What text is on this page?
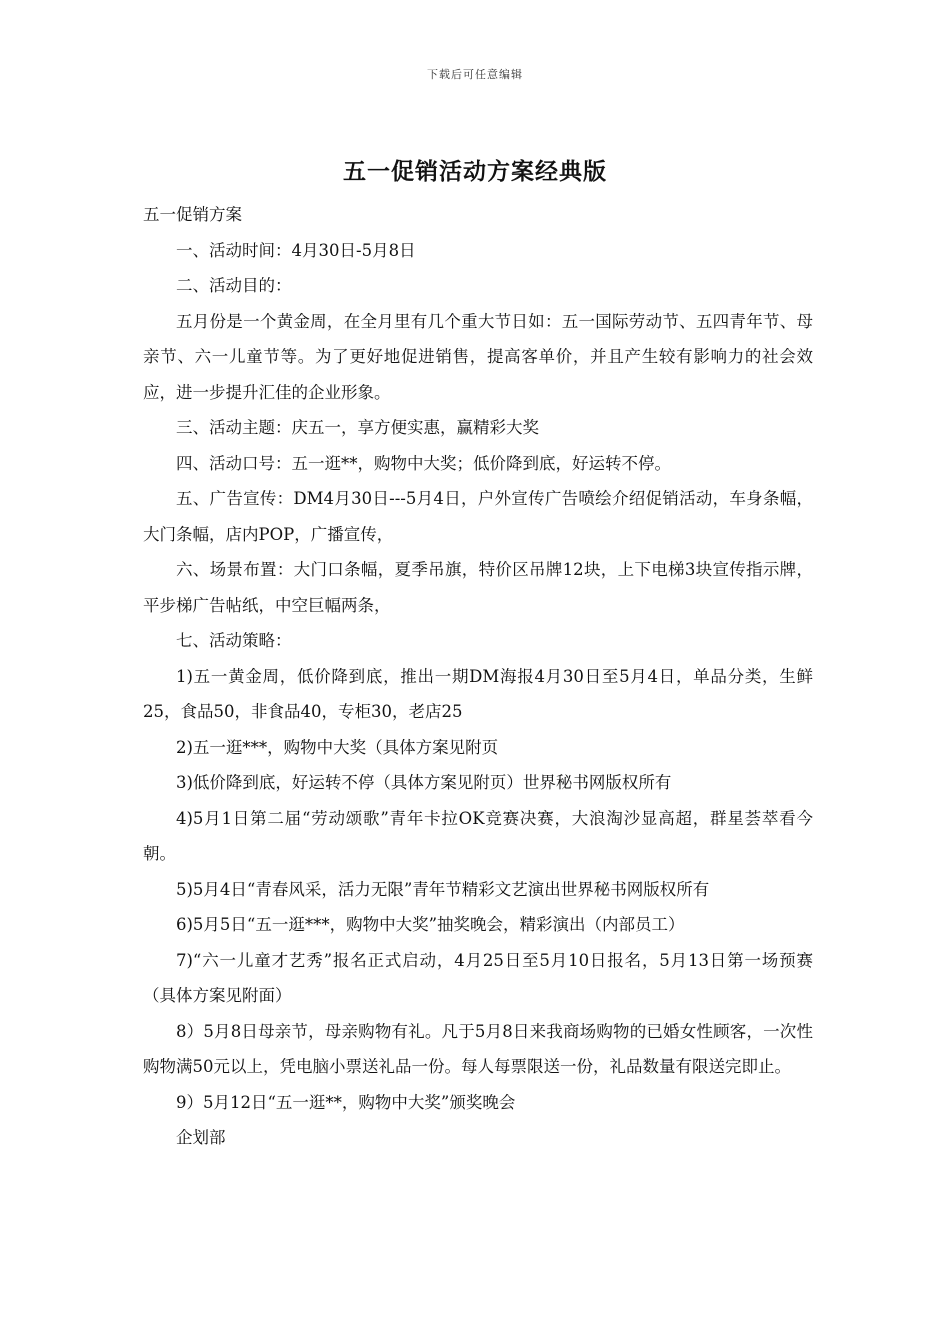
下载后可任意编辑
五一促销活动方案经典版

五一促销方案

一、活动时间：4月30日-5月8日

二、活动目的：

五月份是一个黄金周，在全月里有几个重大节日如：五一国际劳动节、五四青年节、母亲节、六一儿童节等。为了更好地促进销售，提高客单价，并且产生较有影响力的社会效应，进一步提升汇佳的企业形象。

三、活动主题：庆五一，享方便实惠，赢精彩大奖

四、活动口号：五一逛**，购物中大奖；低价降到底，好运转不停。

五、广告宣传：DM4月30日---5月4日，户外宣传广告喷绘介绍促销活动，车身条幅，大门条幅，店内POP，广播宣传，

六、场景布置：大门口条幅，夏季吊旗，特价区吊牌12块，上下电梯3块宣传指示牌，平步梯广告帖纸，中空巨幅两条，

七、活动策略：

1)五一黄金周，低价降到底，推出一期DM海报4月30日至5月4日，单品分类，生鲜25，食品50，非食品40，专柜30，老店25

2)五一逛***，购物中大奖（具体方案见附页

3)低价降到底，好运转不停（具体方案见附页）世界秘书网版权所有

4)5月1日第二届“劳动颂歌”青年卡拉OK竞赛决赛，大浪淘沙显高超，群星荟萃看今朝。

5)5月4日“青春风采，活力无限”青年节精彩文艺演出世界秘书网版权所有

6)5月5日“五一逛***，购物中大奖”抽奖晚会，精彩演出（内部员工）

7)“六一儿童才艺秀”报名正式启动，4月25日至5月10日报名，5月13日第一场预赛（具体方案见附面）

8）5月8日母亲节，母亲购物有礼。凡于5月8日来我商场购物的已婚女性顾客，一次性购物满50元以上，凭电脑小票送礼品一份。每人每票限送一份，礼品数量有限送完即止。

9）5月12日“五一逛**，购物中大奖”颁奖晚会

企划部
